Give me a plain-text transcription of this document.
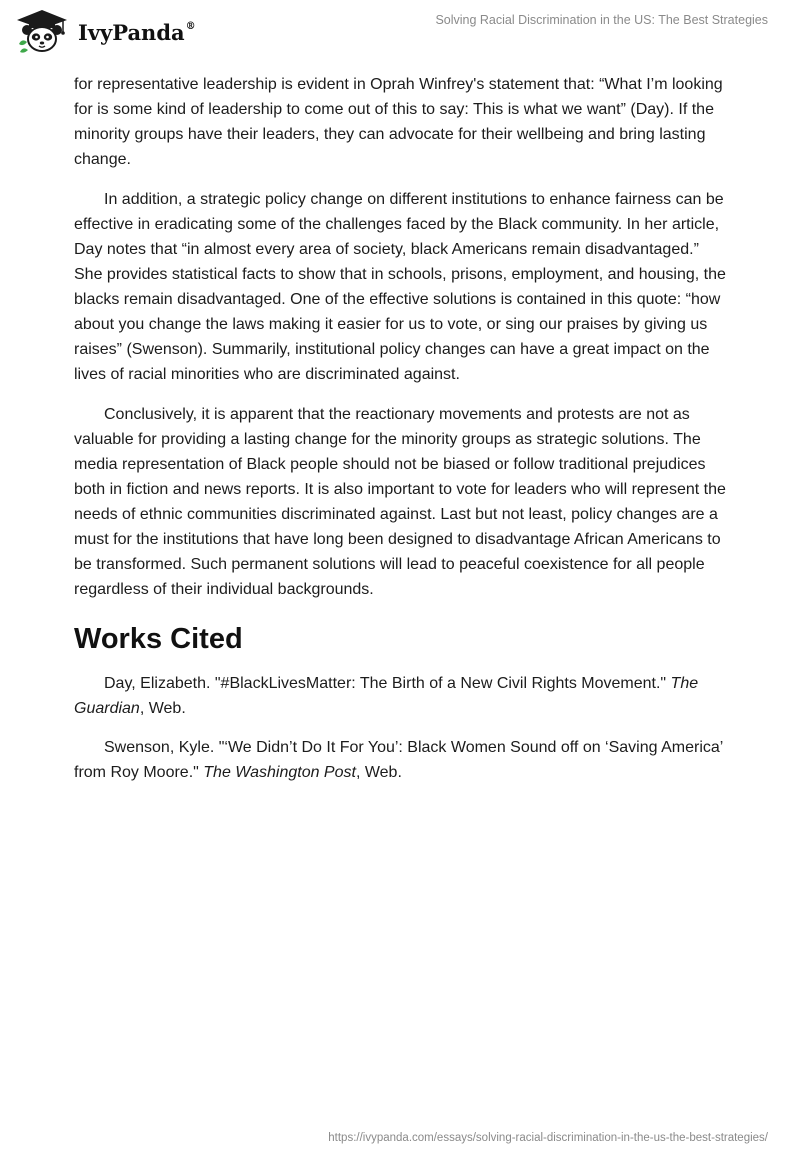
IvyPanda®	Solving Racial Discrimination in the US: The Best Strategies

for representative leadership is evident in Oprah Winfrey's statement that: “What I’m looking for is some kind of leadership to come out of this to say: This is what we want” (Day). If the minority groups have their leaders, they can advocate for their wellbeing and bring lasting change.

In addition, a strategic policy change on different institutions to enhance fairness can be effective in eradicating some of the challenges faced by the Black community. In her article, Day notes that “in almost every area of society, black Americans remain disadvantaged.” She provides statistical facts to show that in schools, prisons, employment, and housing, the blacks remain disadvantaged. One of the effective solutions is contained in this quote: “how about you change the laws making it easier for us to vote, or sing our praises by giving us raises” (Swenson). Summarily, institutional policy changes can have a great impact on the lives of racial minorities who are discriminated against.

Conclusively, it is apparent that the reactionary movements and protests are not as valuable for providing a lasting change for the minority groups as strategic solutions. The media representation of Black people should not be biased or follow traditional prejudices both in fiction and news reports. It is also important to vote for leaders who will represent the needs of ethnic communities discriminated against. Last but not least, policy changes are a must for the institutions that have long been designed to disadvantage African Americans to be transformed. Such permanent solutions will lead to peaceful coexistence for all people regardless of their individual backgrounds.

Works Cited

Day, Elizabeth. "#BlackLivesMatter: The Birth of a New Civil Rights Movement." The Guardian, Web.

Swenson, Kyle. "‘We Didn’t Do It For You’: Black Women Sound off on ‘Saving America’ from Roy Moore." The Washington Post, Web.

https://ivypanda.com/essays/solving-racial-discrimination-in-the-us-the-best-strategies/
